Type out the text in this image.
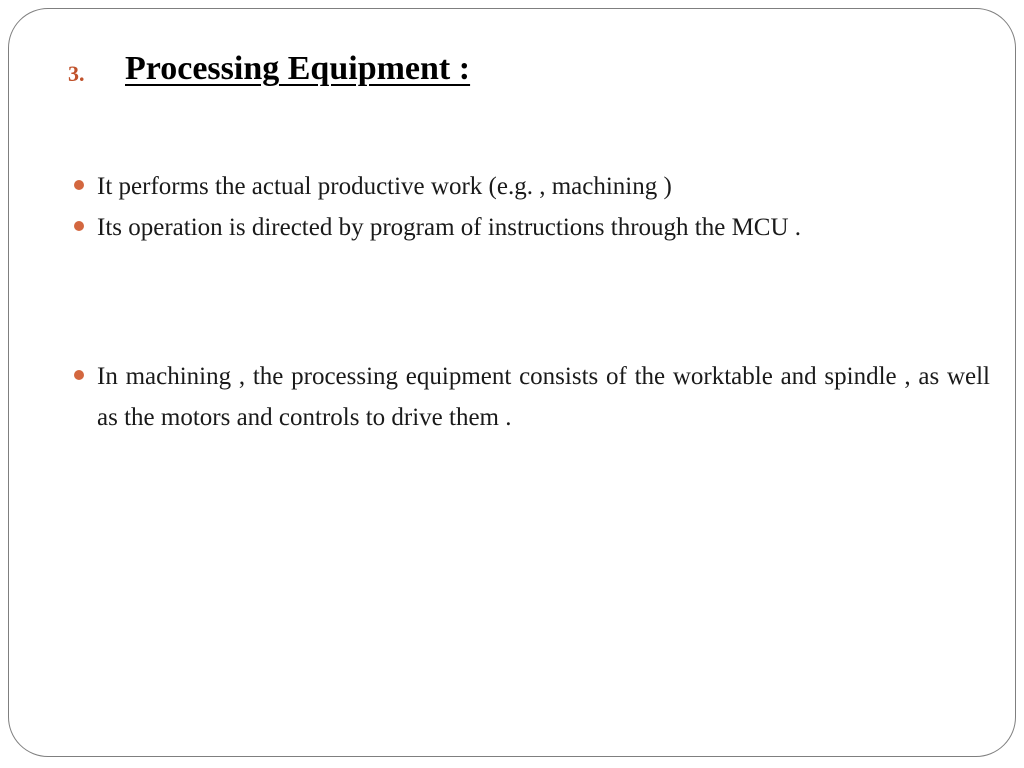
3. Processing Equipment :
It performs the actual productive work (e.g. , machining )
Its operation is directed by program of instructions through the MCU .
In machining , the processing equipment consists of the worktable and spindle , as well as the motors and controls to drive them .
